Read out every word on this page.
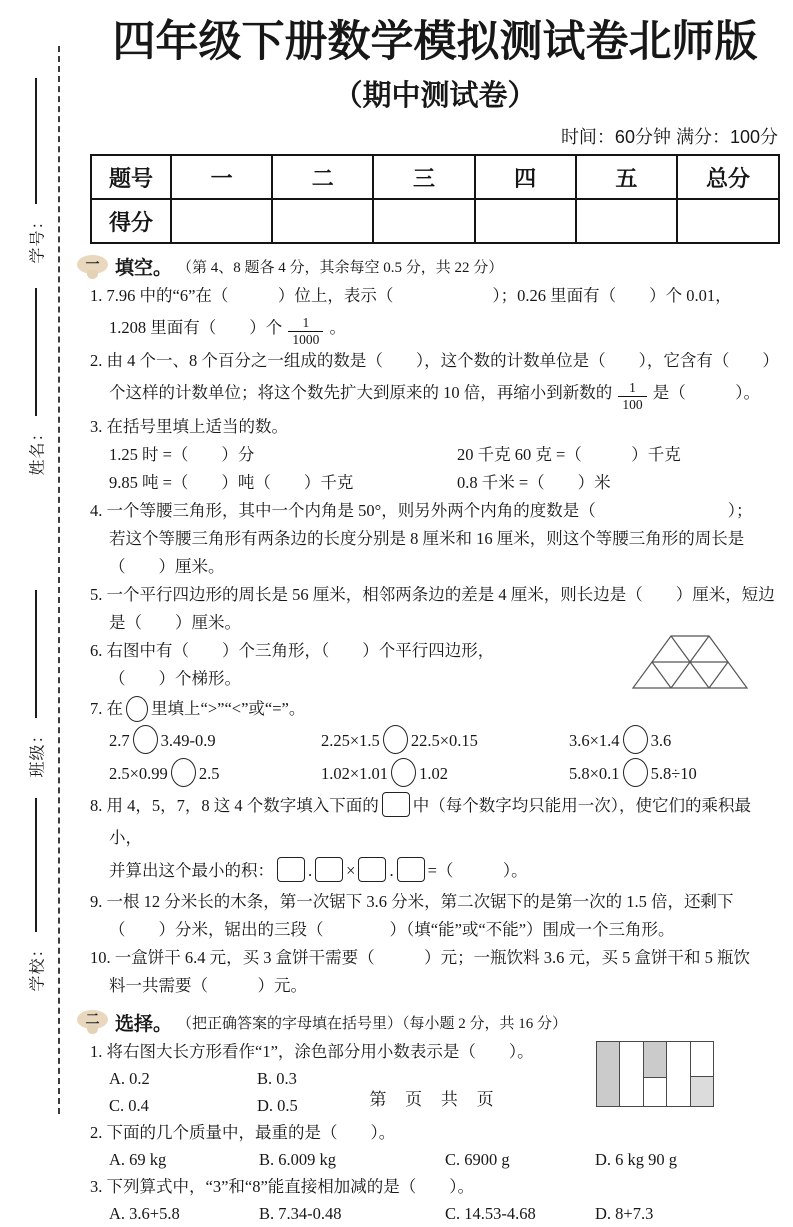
学号：
姓名：
班级：
学校：
四年级下册数学模拟测试卷北师版
（期中测试卷）
时间：60分钟 满分：100分
题号	一	二	三	四	五	总分
得分						
一 填空。 （第 4、8 题各 4 分，其余每空 0.5 分，共 22 分）
1. 7.96 中的“6”在（　　　）位上，表示（　　　　　　）；0.26 里面有（　　）个 0.01，
1.208 里面有（　　）个 $\frac{1}{1000}$ 。
2. 由 4 个一、8 个百分之一组成的数是（　　），这个数的计数单位是（　　），它含有（　　）
个这样的计数单位；将这个数先扩大到原来的 10 倍，再缩小到新数的 $\frac{1}{100}$ 是（　　　）。
3. 在括号里填上适当的数。
1.25 时 =（　　）分	20 千克 60 克 =（　　　）千克
9.85 吨 =（　　）吨（　　）千克	0.8 千米 =（　　）米
4. 一个等腰三角形，其中一个内角是 50°，则另外两个内角的度数是（　　　　　　　　）；
若这个等腰三角形有两条边的长度分别是 8 厘米和 16 厘米，则这个等腰三角形的周长是
（　　）厘米。
5. 一个平行四边形的周长是 56 厘米，相邻两条边的差是 4 厘米，则长边是（　　）厘米，短边
是（　　）厘米。
6. 右图中有（　　）个三角形，（　　）个平行四边形，
（　　）个梯形。
7. 在 里填上“>”“<”或“=”。
2.7 3.49-0.9	2.25×1.5 22.5×0.15	3.6×1.4 3.6
2.5×0.99 2.5	1.02×1.01 1.02	5.8×0.1 5.8÷10
8. 用 4，5，7，8 这 4 个数字填入下面的 中（每个数字均只能用一次），使它们的乘积最小，
并算出这个最小的积： . × . =（　　　）。
9. 一根 12 分米长的木条，第一次锯下 3.6 分米，第二次锯下的是第一次的 1.5 倍，还剩下
（　　）分米，锯出的三段（　　　　）（填“能”或“不能”）围成一个三角形。
10. 一盒饼干 6.4 元，买 3 盒饼干需要（　　　）元；一瓶饮料 3.6 元，买 5 盒饼干和 5 瓶饮
料一共需要（　　　）元。
二 选择。 （把正确答案的字母填在括号里）（每小题 2 分，共 16 分）
1. 将右图大长方形看作“1”，涂色部分用小数表示是（　　）。
A. 0.2	B. 0.3
C. 0.4	D. 0.5
2. 下面的几个质量中，最重的是（　　）。
A. 69 kg	B. 6.009 kg	C. 6900 g	D. 6 kg 90 g
3. 下列算式中，“3”和“8”能直接相加减的是（　　）。
A. 3.6+5.8	B. 7.34-0.48	C. 14.53-4.68	D. 8+7.3
第 页 共 页
